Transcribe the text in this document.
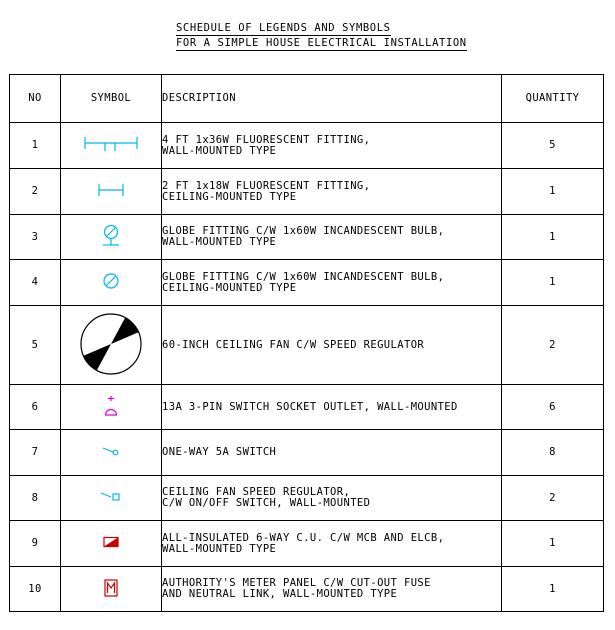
SCHEDULE OF LEGENDS AND SYMBOLS
FOR A SIMPLE HOUSE ELECTRICAL INSTALLATION
NO	SYMBOL	DESCRIPTION	QUANTITY
1		4 FT 1x36W FLUORESCENT FITTING,
WALL-MOUNTED TYPE	5
2		2 FT 1x18W FLUORESCENT FITTING,
CEILING-MOUNTED TYPE	1
3		GLOBE FITTING C/W 1x60W INCANDESCENT BULB,
WALL-MOUNTED TYPE	1
4		GLOBE FITTING C/W 1x60W INCANDESCENT BULB,
CEILING-MOUNTED TYPE	1
5		60-INCH CEILING FAN C/W SPEED REGULATOR	2
6		13A 3-PIN SWITCH SOCKET OUTLET, WALL-MOUNTED	6
7		ONE-WAY 5A SWITCH	8
8		CEILING FAN SPEED REGULATOR,
C/W ON/OFF SWITCH, WALL-MOUNTED	2
9		ALL-INSULATED 6-WAY C.U. C/W MCB AND ELCB,
WALL-MOUNTED TYPE	1
10		AUTHORITY'S METER PANEL C/W CUT-OUT FUSE
AND NEUTRAL LINK, WALL-MOUNTED TYPE	1
